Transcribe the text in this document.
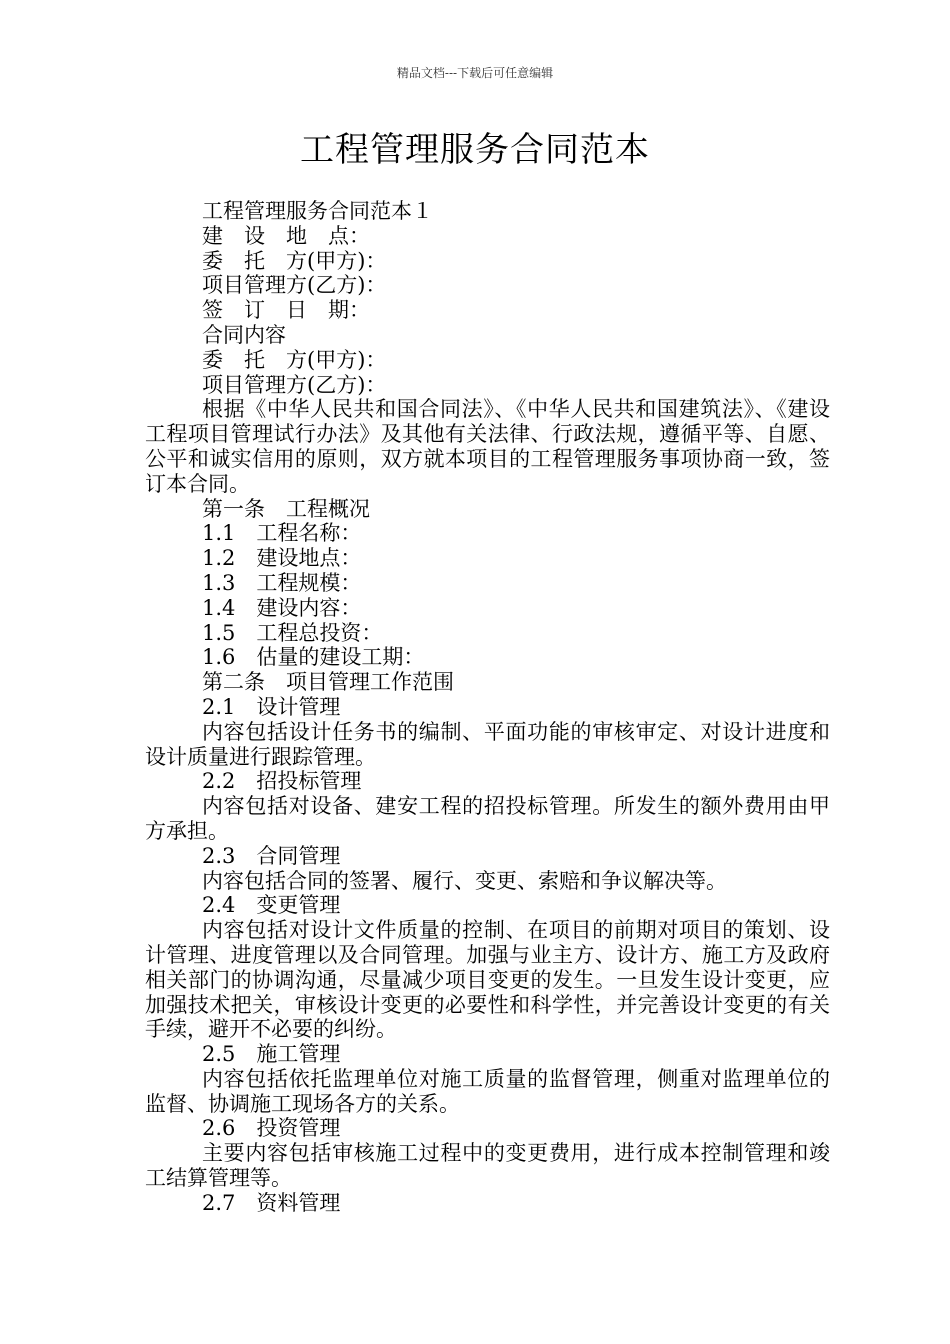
精品文档---下载后可任意编辑
工程管理服务合同范本
工程管理服务合同范本１
建　设　地　点：
委　托　方(甲方)：
项目管理方(乙方)：
签　订　日　期：
合同内容
委　托　方(甲方)：
项目管理方(乙方)：
根据《中华人民共和国合同法》、《中华人民共和国建筑法》、《建设工程项目管理试行办法》及其他有关法律、行政法规，遵循平等、自愿、公平和诚实信用的原则，双方就本项目的工程管理服务事项协商一致，签订本合同。
第一条　工程概况
1.1　工程名称：
1.2　建设地点：
1.3　工程规模：
1.4　建设内容：
1.5　工程总投资：
1.6　估量的建设工期：
第二条　项目管理工作范围
2.1　设计管理
内容包括设计任务书的编制、平面功能的审核审定、对设计进度和设计质量进行跟踪管理。
2.2　招投标管理
内容包括对设备、建安工程的招投标管理。所发生的额外费用由甲方承担。
2.3　合同管理
内容包括合同的签署、履行、变更、索赔和争议解决等。
2.4　变更管理
内容包括对设计文件质量的控制、在项目的前期对项目的策划、设计管理、进度管理以及合同管理。加强与业主方、设计方、施工方及政府相关部门的协调沟通，尽量减少项目变更的发生。一旦发生设计变更，应加强技术把关，审核设计变更的必要性和科学性，并完善设计变更的有关手续，避开不必要的纠纷。
2.5　施工管理
内容包括依托监理单位对施工质量的监督管理，侧重对监理单位的监督、协调施工现场各方的关系。
2.6　投资管理
主要内容包括审核施工过程中的变更费用，进行成本控制管理和竣工结算管理等。
2.7　资料管理
